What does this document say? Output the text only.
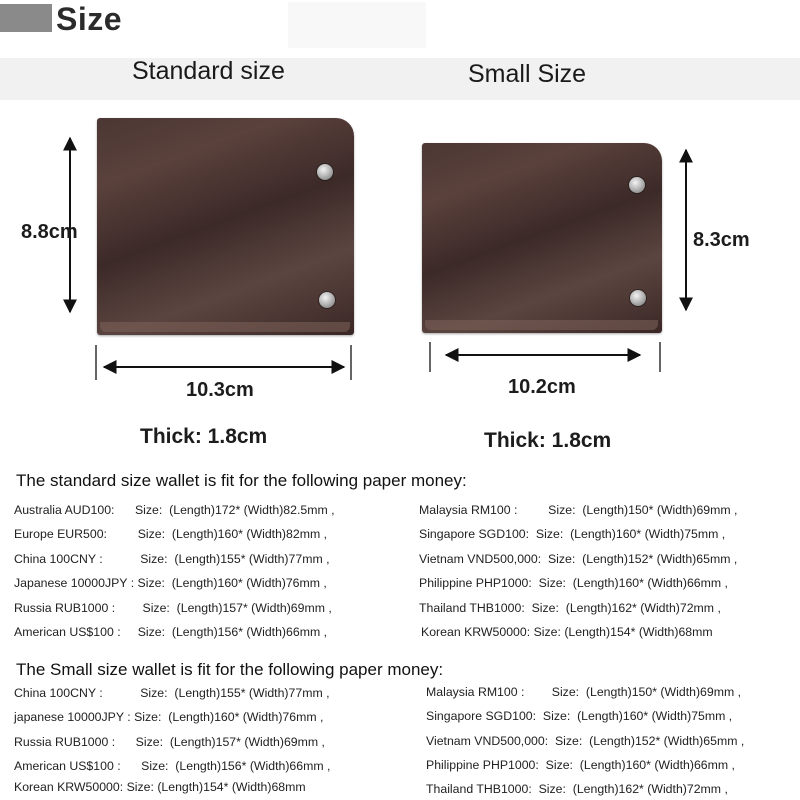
Size
Standard size	Small Size
8.8cm
10.3cm
8.3cm
10.2cm
Thick: 1.8cm	Thick: 1.8cm
The standard size wallet is fit for the following paper money:
Australia AUD100:      Size:  (Length)172* (Width)82.5mm ,
Europe EUR500:         Size:  (Length)160* (Width)82mm ,
China 100CNY :           Size:  (Length)155* (Width)77mm ,
Japanese 10000JPY : Size:  (Length)160* (Width)76mm ,
Russia RUB1000 :        Size:  (Length)157* (Width)69mm ,
American US$100 :     Size:  (Length)156* (Width)66mm ,
Malaysia RM100 :         Size:  (Length)150* (Width)69mm ,
Singapore SGD100:  Size:  (Length)160* (Width)75mm ,
Vietnam VND500,000:  Size:  (Length)152* (Width)65mm ,
Philippine PHP1000:  Size:  (Length)160* (Width)66mm ,
Thailand THB1000:  Size:  (Length)162* (Width)72mm ,
Korean KRW50000: Size: (Length)154* (Width)68mm
The Small size wallet is fit for the following paper money:
China 100CNY :           Size:  (Length)155* (Width)77mm ,
japanese 10000JPY : Size:  (Length)160* (Width)76mm ,
Russia RUB1000 :      Size:  (Length)157* (Width)69mm ,
American US$100 :      Size:  (Length)156* (Width)66mm ,
Korean KRW50000: Size: (Length)154* (Width)68mm
Malaysia RM100 :        Size:  (Length)150* (Width)69mm ,
Singapore SGD100:  Size:  (Length)160* (Width)75mm ,
Vietnam VND500,000:  Size:  (Length)152* (Width)65mm ,
Philippine PHP1000:  Size:  (Length)160* (Width)66mm ,
Thailand THB1000:  Size:  (Length)162* (Width)72mm ,
